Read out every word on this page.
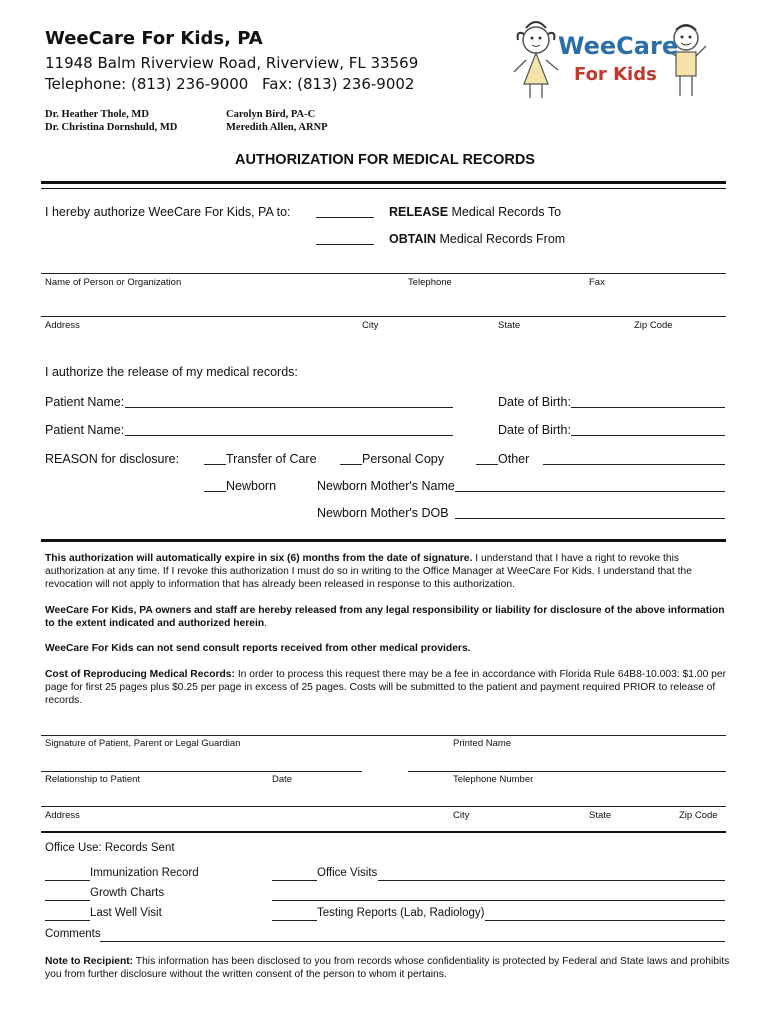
WeeCare For Kids, PA
11948 Balm Riverview Road, Riverview, FL 33569
Telephone: (813) 236-9000 Fax: (813) 236-9002
Dr. Heather Thole, MD
Dr. Christina Dornshuld, MD
Carolyn Bird, PA-C
Meredith Allen, ARNP
WeeCare
For Kids
AUTHORIZATION FOR MEDICAL RECORDS
I hereby authorize WeeCare For Kids, PA to:	RELEASE Medical Records To
OBTAIN Medical Records From
Name of Person or Organization	Telephone	Fax
Address	City	State	Zip Code
I authorize the release of my medical records:
Patient Name:	Date of Birth:
Patient Name:	Date of Birth:
REASON for disclosure:	Transfer of Care	Personal Copy	Other
Newborn	Newborn Mother's Name
Newborn Mother's DOB
This authorization will automatically expire in six (6) months from the date of signature. I understand that I have a right to revoke this authorization at any time. If I revoke this authorization I must do so in writing to the Office Manager at WeeCare For Kids. I understand that the revocation will not apply to information that has already been released in response to this authorization.
WeeCare For Kids, PA owners and staff are hereby released from any legal responsibility or liability for disclosure of the above information to the extent indicated and authorized herein.
WeeCare For Kids can not send consult reports received from other medical providers.
Cost of Reproducing Medical Records: In order to process this request there may be a fee in accordance with Florida Rule 64B8-10.003: $1.00 per page for first 25 pages plus $0.25 per page in excess of 25 pages. Costs will be submitted to the patient and payment required PRIOR to release of records.
Signature of Patient, Parent or Legal Guardian	Printed Name
Relationship to Patient	Date	Telephone Number
Address	City	State	Zip Code
Office Use: Records Sent
Immunization Record	Office Visits
Growth Charts
Last Well Visit	Testing Reports (Lab, Radiology)
Comments
Note to Recipient: This information has been disclosed to you from records whose confidentiality is protected by Federal and State laws and prohibits you from further disclosure without the written consent of the person to whom it pertains.
